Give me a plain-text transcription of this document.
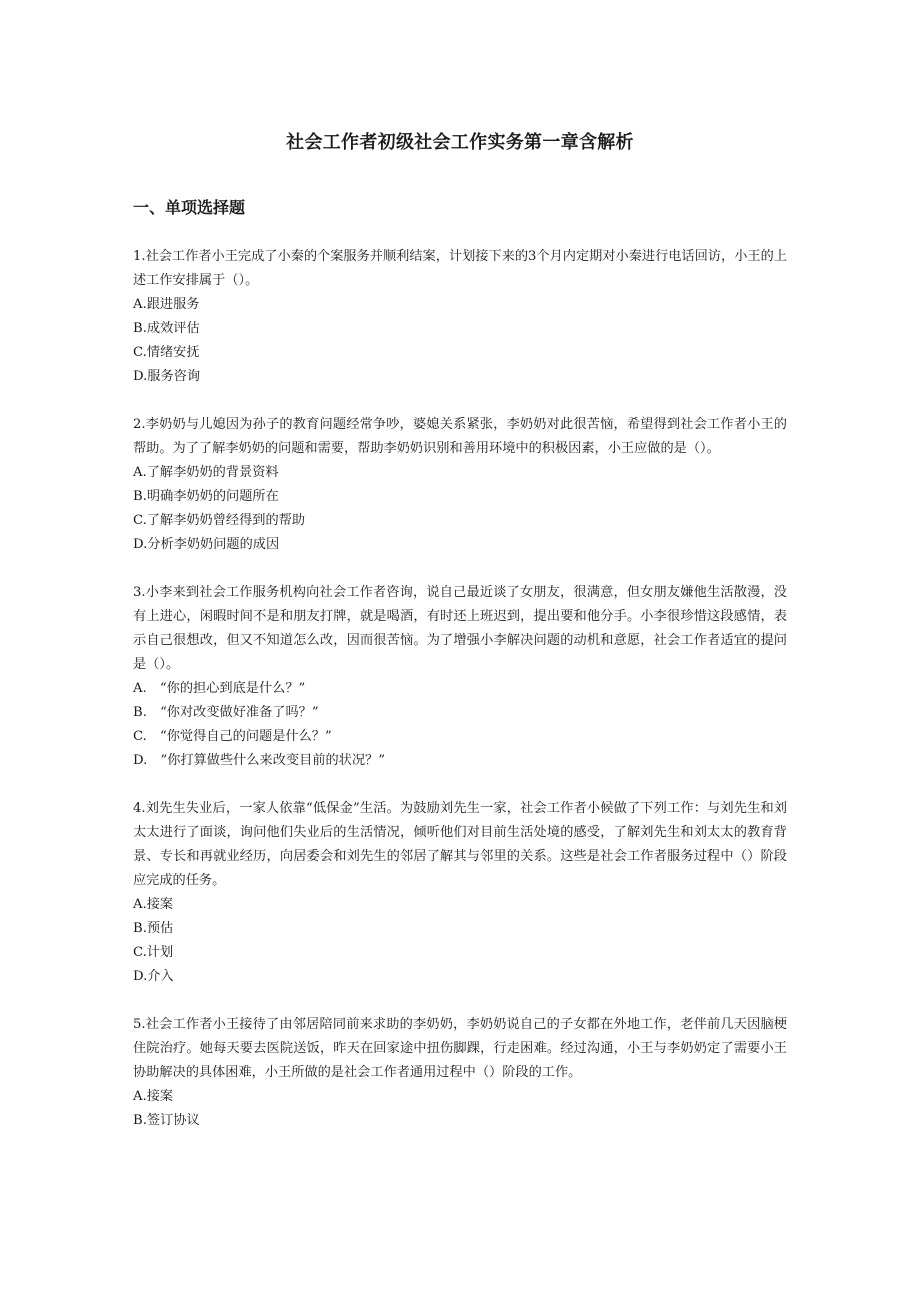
社会工作者初级社会工作实务第一章含解析
一、单项选择题

1.社会工作者小王完成了小秦的个案服务并顺利结案，计划接下来的3个月内定期对小秦进行电话回访，小王的上述工作安排属于（）。

A.跟进服务

B.成效评估

C.情绪安抚

D.服务咨询

2.李奶奶与儿媳因为孙子的教育问题经常争吵，婆媳关系紧张，李奶奶对此很苦恼，希望得到社会工作者小王的帮助。为了了解李奶奶的问题和需要，帮助李奶奶识别和善用环境中的积极因素，小王应做的是（）。

A.了解李奶奶的背景资料

B.明确李奶奶的问题所在

C.了解李奶奶曾经得到的帮助

D.分析李奶奶问题的成因

3.小李来到社会工作服务机构向社会工作者咨询，说自己最近谈了女朋友，很满意，但女朋友嫌他生活散漫，没有上进心，闲暇时间不是和朋友打牌，就是喝酒，有时还上班迟到，提出要和他分手。小李很珍惜这段感情，表示自己很想改，但又不知道怎么改，因而很苦恼。为了增强小李解决问题的动机和意愿，社会工作者适宜的提问是（）。

A.　“你的担心到底是什么？”

B.　“你对改变做好准备了吗？”

C.　“你觉得自己的问题是什么？”

D.　”你打算做些什么来改变目前的状况？”

4.刘先生失业后，一家人依靠“低保金”生活。为鼓励刘先生一家，社会工作者小候做了下列工作：与刘先生和刘太太进行了面谈，询问他们失业后的生活情况，倾听他们对目前生活处境的感受，了解刘先生和刘太太的教育背景、专长和再就业经历，向居委会和刘先生的邻居了解其与邻里的关系。这些是社会工作者服务过程中（）阶段应完成的任务。

A.接案

B.预估

C.计划

D.介入

5.社会工作者小王接待了由邻居陪同前来求助的李奶奶，李奶奶说自己的子女都在外地工作，老伴前几天因脑梗住院治疗。她每天要去医院送饭，昨天在回家途中扭伤脚踝，行走困难。经过沟通，小王与李奶奶定了需要小王协助解决的具体困难，小王所做的是社会工作者通用过程中（）阶段的工作。

A.接案

B.签订协议
